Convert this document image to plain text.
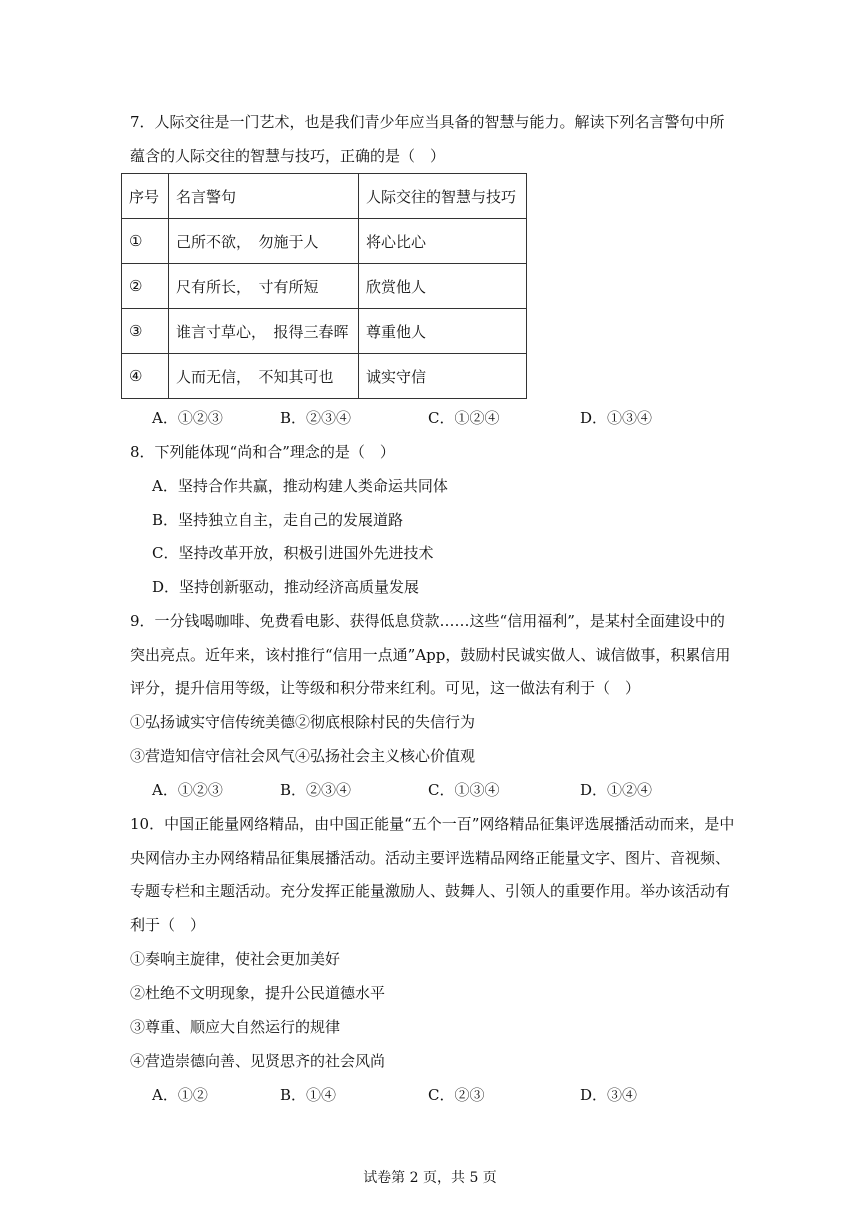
7．人际交往是一门艺术，也是我们青少年应当具备的智慧与能力。解读下列名言警句中所
蕴含的人际交往的智慧与技巧，正确的是（　）
序号	名言警句	人际交往的智慧与技巧
①	己所不欲，　勿施于人	将心比心
②	尺有所长，　寸有所短	欣赏他人
③	谁言寸草心，　报得三春晖	尊重他人
④	人而无信，　不知其可也	诚实守信
A．①②③	B．②③④	C．①②④	D．①③④
8．下列能体现“尚和合”理念的是（　）
A．坚持合作共赢，推动构建人类命运共同体
B．坚持独立自主，走自己的发展道路
C．坚持改革开放，积极引进国外先进技术
D．坚持创新驱动，推动经济高质量发展
9．一分钱喝咖啡、免费看电影、获得低息贷款……这些“信用福利”，是某村全面建设中的
突出亮点。近年来，该村推行“信用一点通”App，鼓励村民诚实做人、诚信做事，积累信用
评分，提升信用等级，让等级和积分带来红利。可见，这一做法有利于（　）
①弘扬诚实守信传统美德②彻底根除村民的失信行为
③营造知信守信社会风气④弘扬社会主义核心价值观
A．①②③	B．②③④	C．①③④	D．①②④
10．中国正能量网络精品，由中国正能量“五个一百”网络精品征集评选展播活动而来，是中
央网信办主办网络精品征集展播活动。活动主要评选精品网络正能量文字、图片、音视频、
专题专栏和主题活动。充分发挥正能量激励人、鼓舞人、引领人的重要作用。举办该活动有
利于（　）
①奏响主旋律，使社会更加美好
②杜绝不文明现象，提升公民道德水平
③尊重、顺应大自然运行的规律
④营造崇德向善、见贤思齐的社会风尚
A．①②	B．①④	C．②③	D．③④
试卷第 2 页，共 5 页
